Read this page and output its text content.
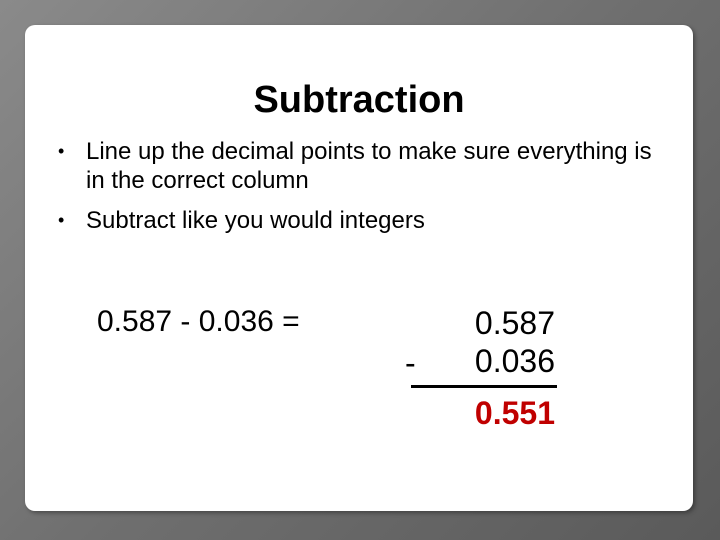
Subtraction
• Line up the decimal points to make sure everything is in the correct column
• Subtract like you would integers
0.587 - 0.036 =	0.587
- 0.036
0.551
